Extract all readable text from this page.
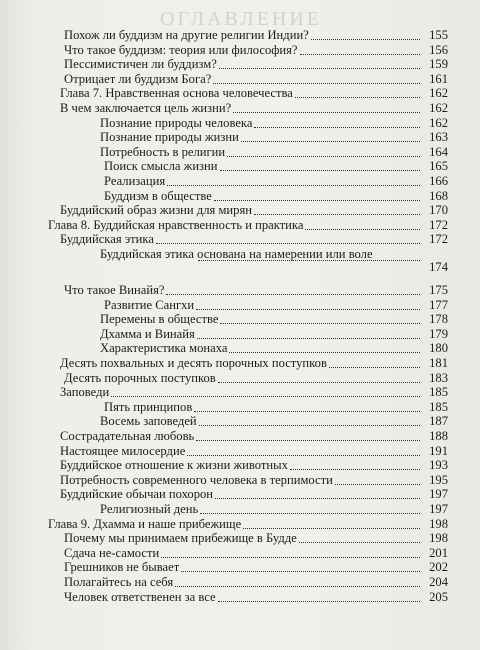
ОГЛАВЛЕНИЕ
Похож ли буддизм на другие религии Индии?	155
Что такое буддизм: теория или философия?	156
Пессимистичен ли буддизм?	159
Отрицает ли буддизм Бога?	161
Глава 7. Нравственная основа человечества	162
В чем заключается цель жизни?	162
Познание природы человека	162
Познание природы жизни	163
Потребность в религии	164
Поиск смысла жизни	165
Реализация	166
Буддизм в обществе	168
Буддийский образ жизни для мирян	170
Глава 8. Буддийская нравственность и практика	172
Буддийская этика	172
Буддийская этика основана на намерении или воле
174
Что такое Винайя?	175
Развитие Сангхи	177
Перемены в обществе	178
Дхамма и Винайя	179
Характеристика монаха	180
Десять похвальных и десять порочных поступков	181
Десять порочных поступков	183
Заповеди	185
Пять принципов	185
Восемь заповедей	187
Сострадательная любовь	188
Настоящее милосердие	191
Буддийское отношение к жизни животных	193
Потребность современного человека в терпимости	195
Буддийские обычаи похорон	197
Религиозный день	197
Глава 9. Дхамма и наше прибежище	198
Почему мы принимаем прибежище в Будде	198
Сдача не-самости	201
Грешников не бывает	202
Полагайтесь на себя	204
Человек ответственен за все	205
